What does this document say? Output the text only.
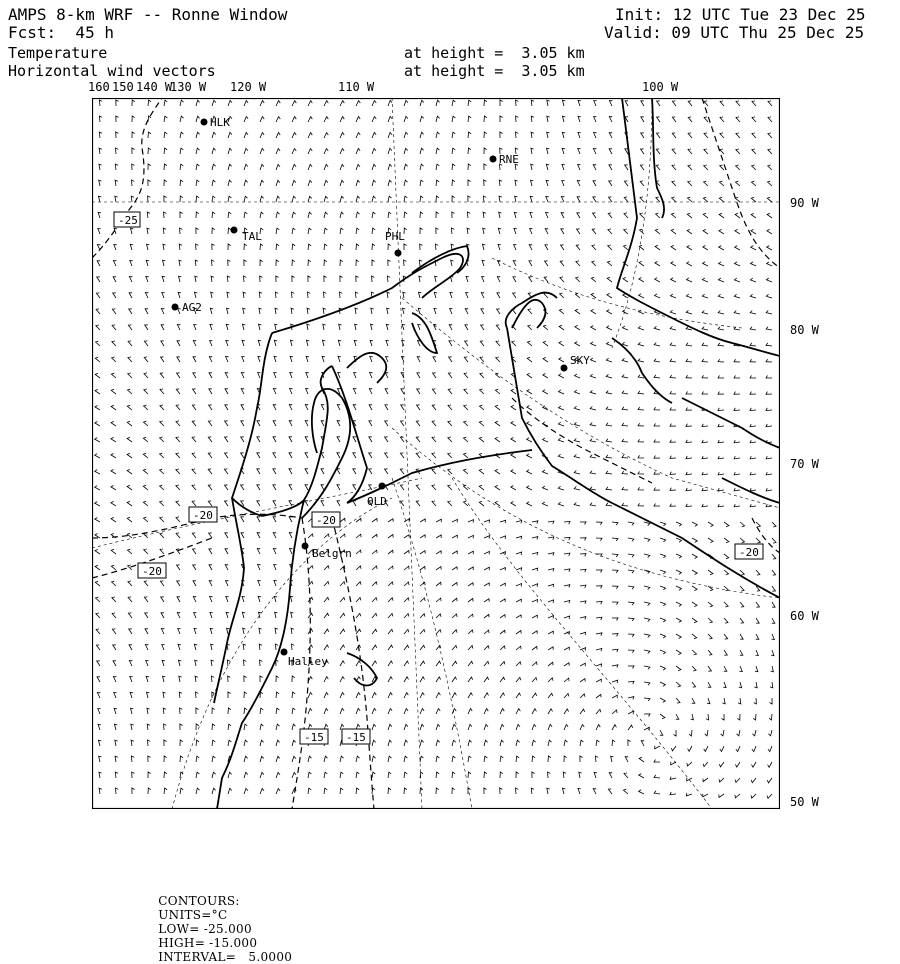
AMPS 8-km WRF -- Ronne Window
Fcst:  45 h
Temperature
Horizontal wind vectors
Init: 12 UTC Tue 23 Dec 25
Valid: 09 UTC Thu 25 Dec 25
at height =  3.05 km
at height =  3.05 km
160 150 140 W
130 W 120 W	110 W	100 W
90 W
80 W
70 W
60 W
50 W
HLK
RNE
TAL	PHL
AG2
SKY
OLD
Belgrn
Halley
-25
-20
-20
-20
-20
-15 -15

CONTOURS:
UNITS=°C
LOW= -25.000
HIGH= -15.000
INTERVAL=   5.0000
